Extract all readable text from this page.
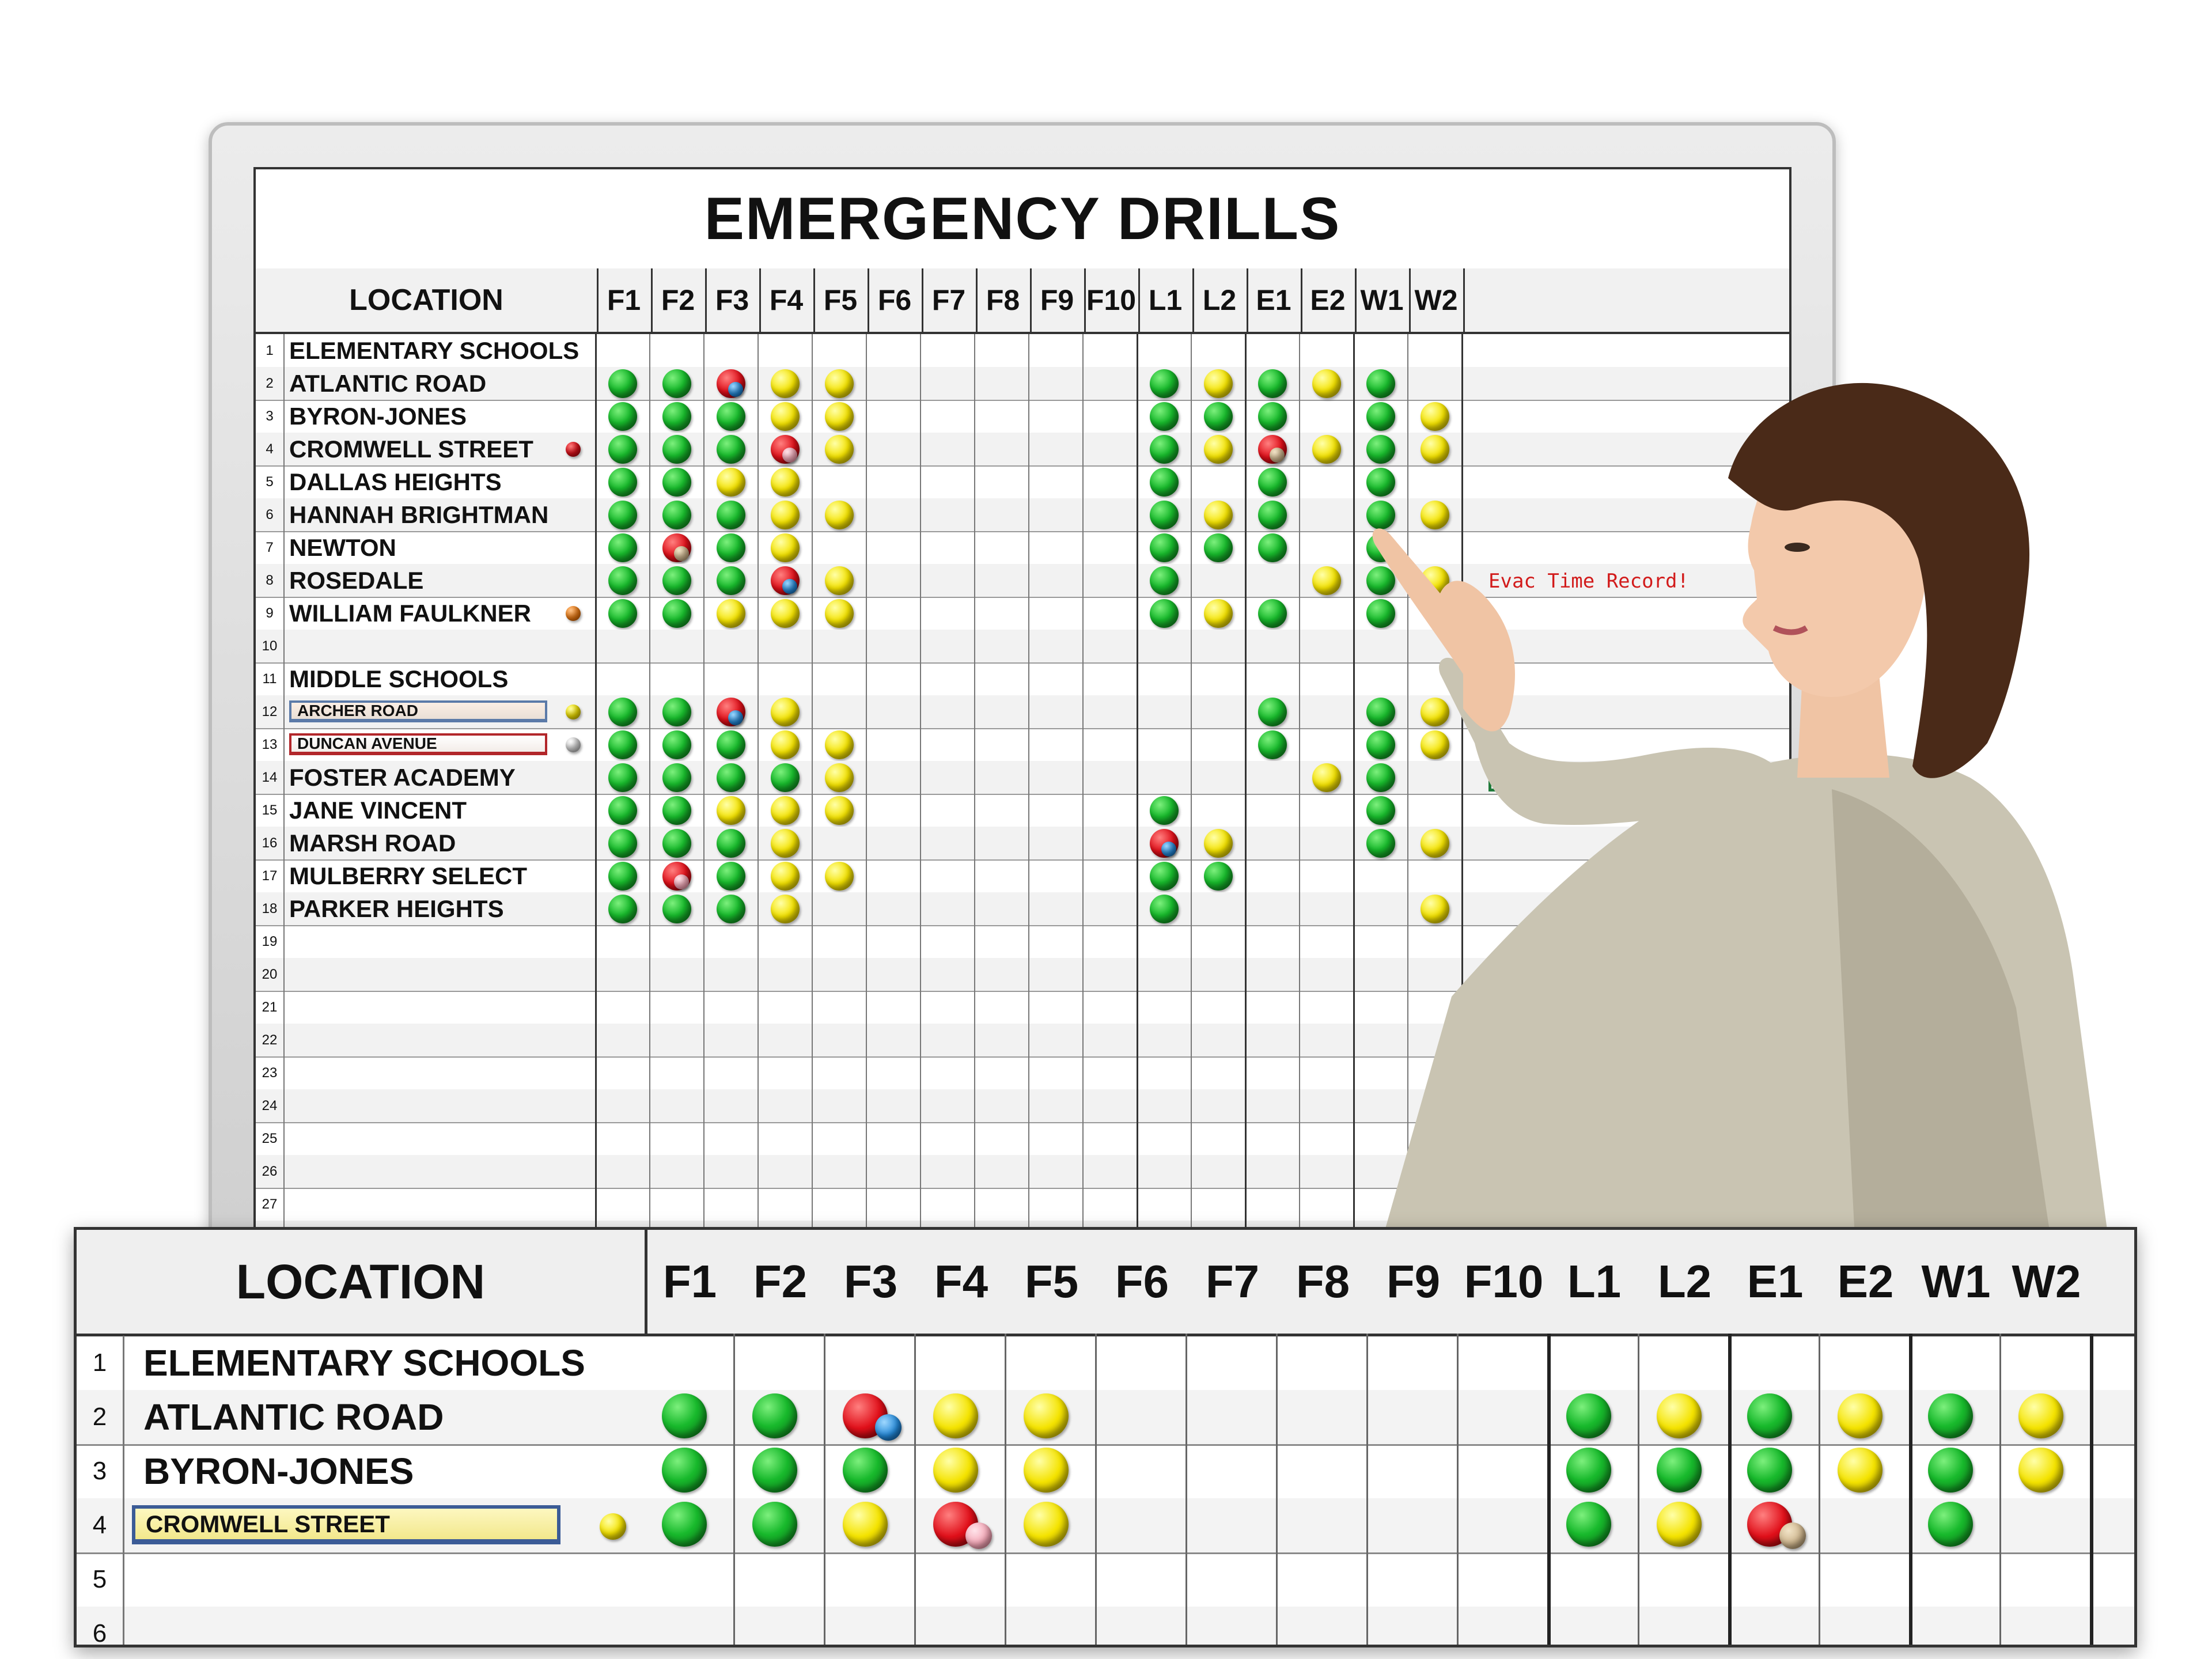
EMERGENCY DRILLS
LOCATION	F1 F2 F3 F4 F5 F6 F7 F8 F9 F10 L1 L2 E1 E2 W1 W2
1 ELEMENTARY SCHOOLS
2 ATLANTIC ROAD
3 BYRON-JONES
4 CROMWELL STREET
5 DALLAS HEIGHTS
6 HANNAH BRIGHTMAN
7 NEWTON
8 ROSEDALE
9 WILLIAM FAULKNER
10
11 MIDDLE SCHOOLS
12	ARCHER ROAD
13	DUNCAN AVENUE
14 FOSTER ACADEMY
15 JANE VINCENT
16 MARSH ROAD
17 MULBERRY SELECT
18 PARKER HEIGHTS
19
20
21
22
23
24
25
26
27
Evac Time Record!
LOCATION	F1 F2 F3 F4 F5 F6 F7 F8 F9 F10 L1 L2 E1 E2 W1 W2
1 ELEMENTARY SCHOOLS
2 ATLANTIC ROAD
3 BYRON-JONES
4	CROMWELL STREET
5
6
